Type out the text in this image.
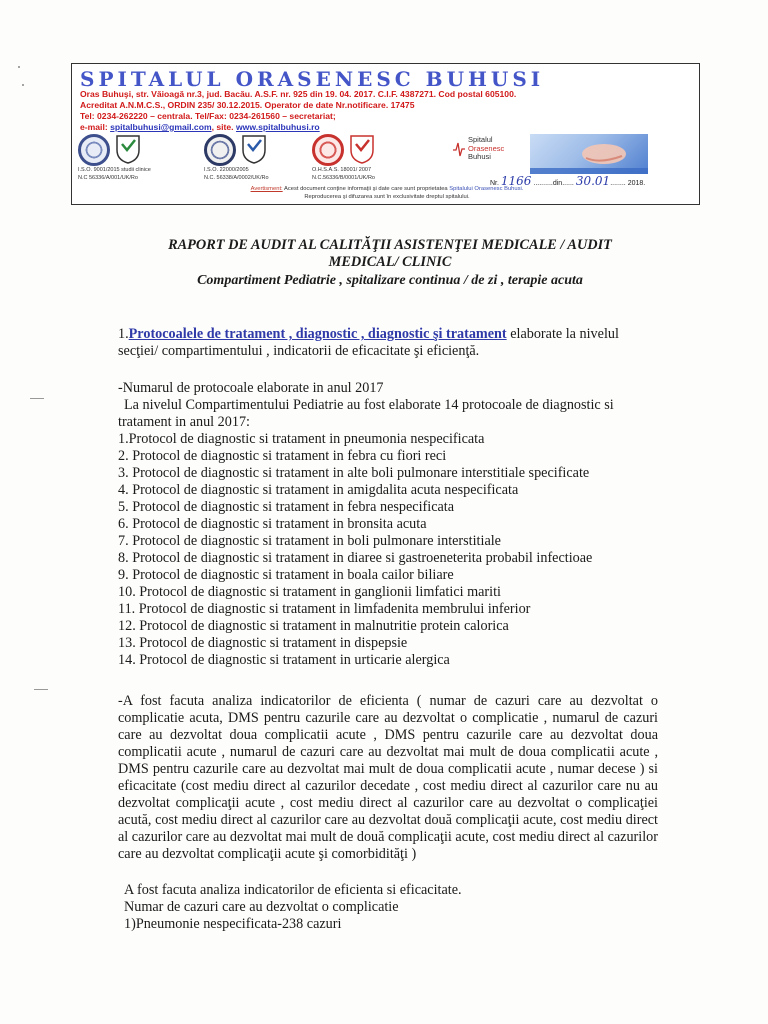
SPITALUL ORASENESC BUHUSI
Oras Buhuşi, str. Văioagă nr.3, jud. Bacău. A.S.F. nr. 925 din 19. 04. 2017. C.I.F. 4387271. Cod postal 605100.
Acreditat A.N.M.C.S., ORDIN 235/ 30.12.2015. Operator de date Nr.notificare. 17475
Tel: 0234-262220 – centrala. Tel/Fax: 0234-261560 – secretariat;
e-mail: spitalbuhusi@gmail.com, site. www.spitalbuhusi.ro
I.S.O. 9001/2015 studii clinice
N.C 56336/A/001/UK/Ro
I.S.O. 22000/2005
N.C. 56338/A/0002/UK/Ro
O.H.S.A.S. 18001/ 2007
N.C.56336/B/0001/UK/Ro
Spitalul
Orasenesc
Buhusi
Nr. 1166 ..........din...... 30.01........ 2018.
Avertisment: Acest document conţine informaţii şi date care sunt proprietatea Spitalului Orasenesc Buhusi.
Reproducerea şi difuzarea sunt în exclusivitate dreptul spitalului.
RAPORT DE AUDIT AL CALITĂŢII ASISTENŢEI MEDICALE / AUDIT
MEDICAL/ CLINIC
Compartiment Pediatrie , spitalizare continua / de zi , terapie acuta
1.Protocoalele de tratament , diagnostic , diagnostic şi tratament elaborate la nivelul
secţiei/ compartimentului , indicatorii de eficacitate şi eficienţă.
-Numarul de protocoale elaborate in anul 2017
La nivelul Compartimentului Pediatrie au fost elaborate 14 protocoale de diagnostic si
tratament in anul 2017:
1.Protocol de diagnostic si tratament in pneumonia nespecificata
2. Protocol de diagnostic si tratament in febra cu fiori reci
3. Protocol de diagnostic si tratament in alte boli pulmonare interstitiale specificate
4. Protocol de diagnostic si tratament in amigdalita acuta nespecificata
5. Protocol de diagnostic si tratament in febra nespecificata
6. Protocol de diagnostic si tratament in bronsita acuta
7. Protocol de diagnostic si tratament in boli pulmonare interstitiale
8. Protocol de diagnostic si tratament in diaree si gastroeneterita probabil infectioae
9. Protocol de diagnostic si tratament in boala cailor biliare
10. Protocol de diagnostic si tratament in ganglionii limfatici mariti
11. Protocol de diagnostic si tratament in limfadenita membrului inferior
12. Protocol de diagnostic si tratament in malnutritie protein calorica
13. Protocol de diagnostic si tratament in dispepsie
14. Protocol de diagnostic si tratament in urticarie alergica
-A fost facuta analiza indicatorilor de eficienta ( numar de cazuri care au dezvoltat o complicatie acuta, DMS pentru cazurile care au dezvoltat o complicatie , numarul de cazuri care au dezvoltat doua complicatii acute , DMS pentru cazurile care au dezvoltat doua complicatii acute , numarul de cazuri care au dezvoltat mai mult de doua complicatii acute , DMS pentru cazurile care au dezvoltat mai mult de doua complicatii acute , numar decese ) si eficacitate (cost mediu direct al cazurilor decedate , cost mediu direct al cazurilor care nu au dezvoltat complicaţii acute , cost mediu direct al cazurilor care au dezvoltat o complicaţiei acută, cost mediu direct al cazurilor care au dezvoltat două complicaţii acute, cost mediu direct al cazurilor care au dezvoltat mai mult de două complicaţii acute, cost mediu direct al cazurilor care au dezvoltat complicaţii acute şi comorbidităţi )
A fost facuta analiza indicatorilor de eficienta si eficacitate.
Numar de cazuri care au dezvoltat o complicatie
1)Pneumonie nespecificata-238 cazuri
